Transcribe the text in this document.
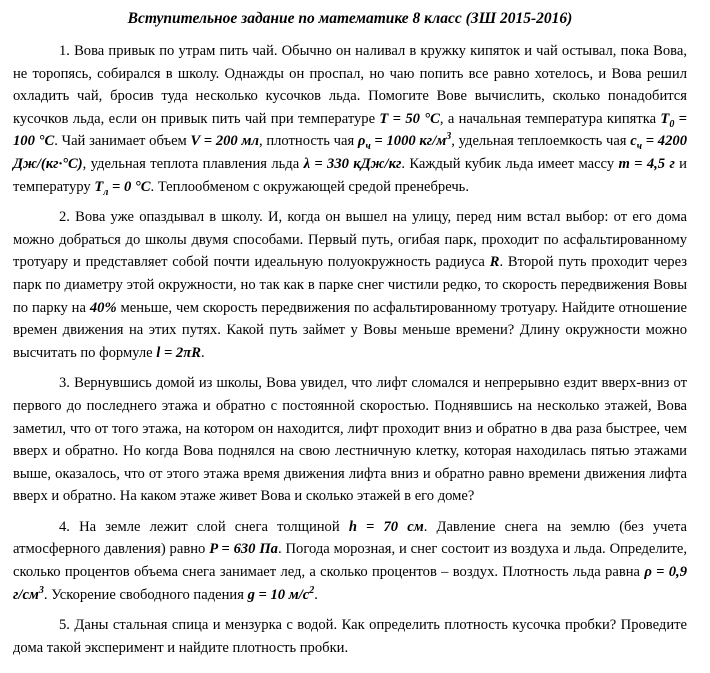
Вступительное задание по математике 8 класс (ЗШ 2015-2016)

1. Вова привык по утрам пить чай. Обычно он наливал в кружку кипяток и чай остывал, пока Вова, не торопясь, собирался в школу. Однажды он проспал, но чаю попить все равно хотелось, и Вова решил охладить чай, бросив туда несколько кусочков льда. Помогите Вове вычислить, сколько понадобится кусочков льда, если он привык пить чай при температуре T = 50 °C, а начальная температура кипятка $T_0 = 100$ °C. Чай занимает объем V = 200 мл, плотность чая $\rho_ч = 1000$ $кг/м^3$, удельная теплоемкость чая $c_ч = 4200$ Дж/(кг·°C), удельная теплота плавления льда λ = 330 кДж/кг. Каждый кубик льда имеет массу m = 4,5 г и температуру $T_л = 0$ °C. Теплообменом с окружающей средой пренебречь.

2. Вова уже опаздывал в школу. И, когда он вышел на улицу, перед ним встал выбор: от его дома можно добраться до школы двумя способами. Первый путь, огибая парк, проходит по асфальтированному тротуару и представляет собой почти идеальную полуокружность радиуса R. Второй путь проходит через парк по диаметру этой окружности, но так как в парке снег чистили редко, то скорость передвижения Вовы по парку на 40% меньше, чем скорость передвижения по асфальтированному тротуару. Найдите отношение времен движения на этих путях. Какой путь займет у Вовы меньше времени? Длину окружности можно высчитать по формуле l = 2πR.

3. Вернувшись домой из школы, Вова увидел, что лифт сломался и непрерывно ездит вверх-вниз от первого до последнего этажа и обратно с постоянной скоростью. Поднявшись на несколько этажей, Вова заметил, что от того этажа, на котором он находится, лифт проходит вниз и обратно в два раза быстрее, чем вверх и обратно. Но когда Вова поднялся на свою лестничную клетку, которая находилась пятью этажами выше, оказалось, что от этого этажа время движения лифта вниз и обратно равно времени движения лифта вверх и обратно. На каком этаже живет Вова и сколько этажей в его доме?

4. На земле лежит слой снега толщиной h = 70 см. Давление снега на землю (без учета атмосферного давления) равно P = 630 Па. Погода морозная, и снег состоит из воздуха и льда. Определите, сколько процентов объема снега занимает лед, а сколько процентов – воздух. Плотность льда равна ρ = 0,9 $г/см^3$. Ускорение свободного падения g = 10 $м/с^2$.

5. Даны стальная спица и мензурка с водой. Как определить плотность кусочка пробки? Проведите дома такой эксперимент и найдите плотность пробки.
